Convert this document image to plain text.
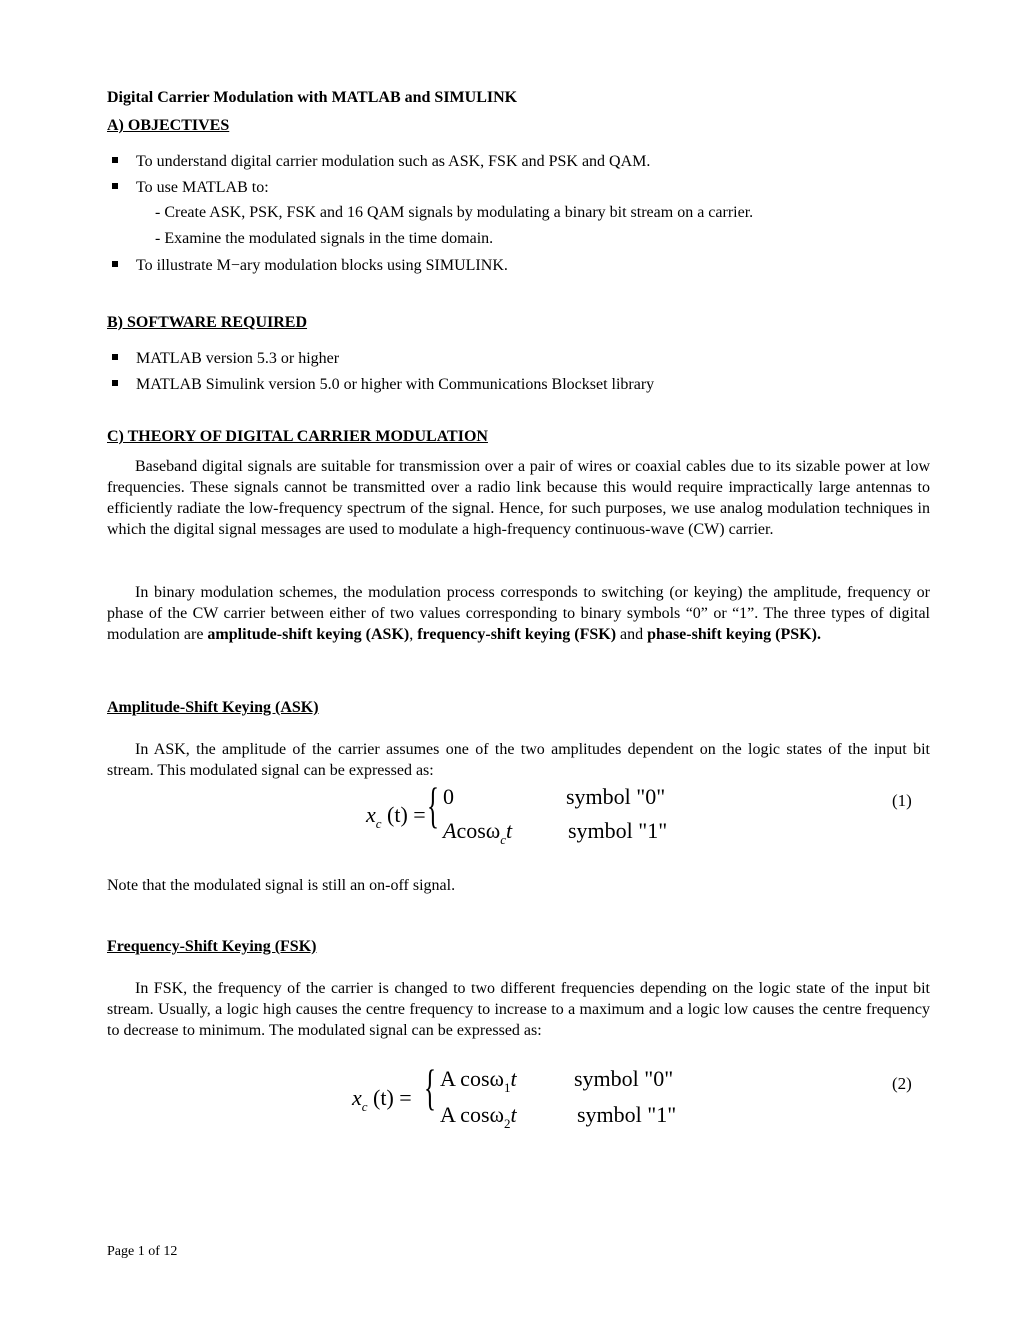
Digital Carrier Modulation with MATLAB and SIMULINK
A) OBJECTIVES
To understand digital carrier modulation such as ASK, FSK and PSK and QAM.
To use MATLAB to:
- Create ASK, PSK, FSK and 16 QAM signals by modulating a binary bit stream on a carrier.
- Examine the modulated signals in the time domain.
To illustrate M−ary modulation blocks using SIMULINK.
B) SOFTWARE REQUIRED
MATLAB version 5.3 or higher
MATLAB Simulink version 5.0 or higher with Communications Blockset library
C) THEORY OF DIGITAL CARRIER MODULATION
Baseband digital signals are suitable for transmission over a pair of wires or coaxial cables due to its sizable power at low frequencies. These signals cannot be transmitted over a radio link because this would require impractically large antennas to efficiently radiate the low-frequency spectrum of the signal. Hence, for such purposes, we use analog modulation techniques in which the digital signal messages are used to modulate a high-frequency continuous-wave (CW) carrier.
In binary modulation schemes, the modulation process corresponds to switching (or keying) the amplitude, frequency or phase of the CW carrier between either of two values corresponding to binary symbols “0” or “1”. The three types of digital modulation are amplitude-shift keying (ASK), frequency-shift keying (FSK) and phase-shift keying (PSK).
Amplitude-Shift Keying (ASK)
In ASK, the amplitude of the carrier assumes one of the two amplitudes dependent on the logic states of the input bit stream. This modulated signal can be expressed as:
$x_c$ (t) = { 0
Acosω$_c$t
symbol "0"
symbol "1"
(1)
Note that the modulated signal is still an on-off signal.
Frequency-Shift Keying (FSK)
In FSK, the frequency of the carrier is changed to two different frequencies depending on the logic state of the input bit stream. Usually, a logic high causes the centre frequency to increase to a maximum and a logic low causes the centre frequency to decrease to minimum. The modulated signal can be expressed as:
$x_c$ (t) = { A cosω$_1$t
A cosω$_2$t
symbol "0"
symbol "1"
(2)
Page 1 of 12
